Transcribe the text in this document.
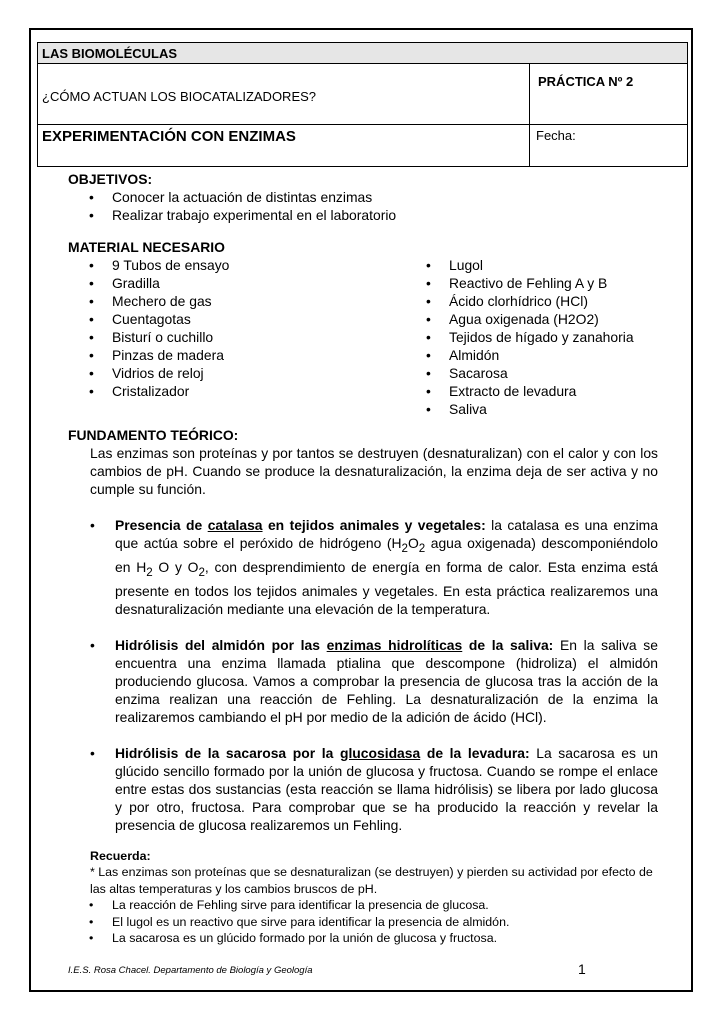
LAS BIOMOLÉCULAS	
¿CÓMO ACTUAN LOS BIOCATALIZADORES?	PRÁCTICA Nº 2
EXPERIMENTACIÓN CON ENZIMAS	Fecha:
OBJETIVOS:
• Conocer la actuación de distintas enzimas
• Realizar trabajo experimental en el laboratorio
MATERIAL NECESARIO
• 9 Tubos de ensayo
• Gradilla
• Mechero de gas
• Cuentagotas
• Bisturí o cuchillo
• Pinzas de madera
• Vidrios de reloj
• Cristalizador
• Lugol
• Reactivo de Fehling A y B
• Ácido clorhídrico (HCl)
• Agua oxigenada (H2O2)
• Tejidos de hígado y zanahoria
• Almidón
• Sacarosa
• Extracto de levadura
• Saliva
FUNDAMENTO TEÓRICO:

Las enzimas son proteínas y por tantos se destruyen (desnaturalizan) con el calor y con los cambios de pH. Cuando se produce la desnaturalización, la enzima deja de ser activa y no cumple su función.

• Presencia de catalasa en tejidos animales y vegetales: la catalasa es una enzima que actúa sobre el peróxido de hidrógeno ($H_2O_2$ agua oxigenada) descomponiéndolo en $H_2$ O y $O_2$, con desprendimiento de energía en forma de calor. Esta enzima está presente en todos los tejidos animales y vegetales. En esta práctica realizaremos una desnaturalización mediante una elevación de la temperatura.
• Hidrólisis del almidón por las enzimas hidrolíticas de la saliva: En la saliva se encuentra una enzima llamada ptialina que descompone (hidroliza) el almidón produciendo glucosa. Vamos a comprobar la presencia de glucosa tras la acción de la enzima realizan una reacción de Fehling. La desnaturalización de la enzima la realizaremos cambiando el pH por medio de la adición de ácido (HCl).
• Hidrólisis de la sacarosa por la glucosidasa de la levadura: La sacarosa es un glúcido sencillo formado por la unión de glucosa y fructosa. Cuando se rompe el enlace entre estas dos sustancias (esta reacción se llama hidrólisis) se libera por lado glucosa y por otro, fructosa. Para comprobar que se ha producido la reacción y revelar la presencia de glucosa realizaremos un Fehling.
Recuerda:
* Las enzimas son proteínas que se desnaturalizan (se destruyen) y pierden su actividad por efecto de las altas temperaturas y los cambios bruscos de pH.
• La reacción de Fehling sirve para identificar la presencia de glucosa.
• El lugol es un reactivo que sirve para identificar la presencia de almidón.
• La sacarosa es un glúcido formado por la unión de glucosa y fructosa.
I.E.S. Rosa Chacel. Departamento de Biología y Geología	1
